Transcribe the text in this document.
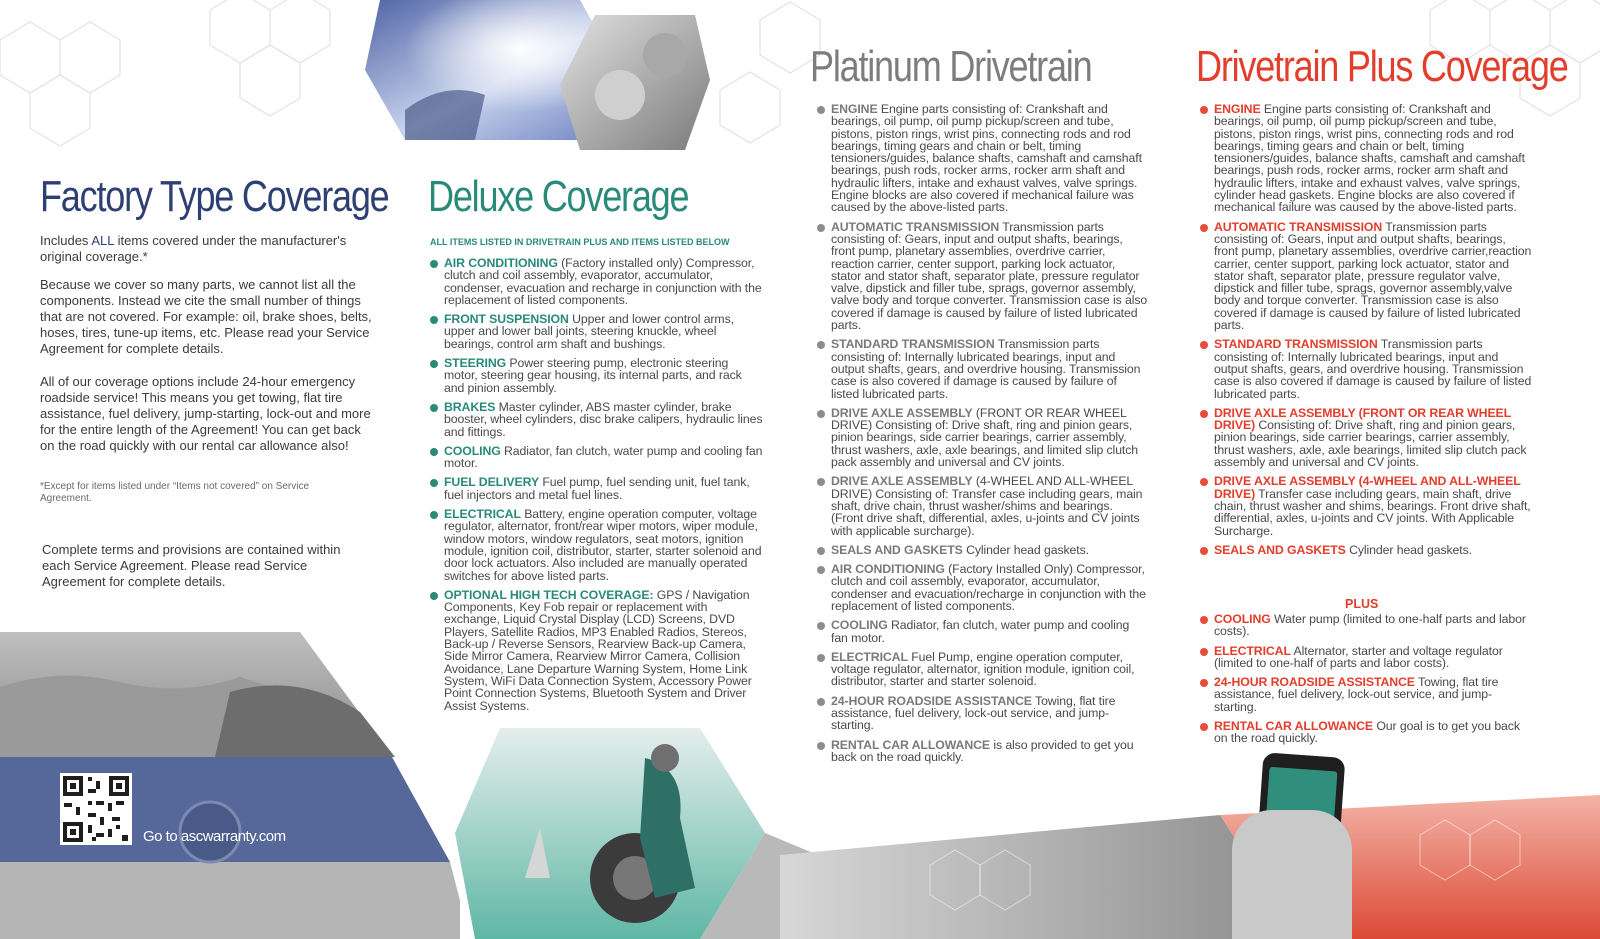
Factory Type Coverage
Includes ALL items covered under the manufacturer's original coverage.*
Because we cover so many parts, we cannot list all the components. Instead we cite the small number of things that are not covered. For example: oil, brake shoes, belts, hoses, tires, tune-up items, etc. Please read your Service Agreement for complete details.
All of our coverage options include 24-hour emergency roadside service! This means you get towing, flat tire assistance, fuel delivery, jump-starting, lock-out and more for the entire length of the Agreement! You can get back on the road quickly with our rental car allowance also!
*Except for items listed under “Items not covered” on Service Agreement.
Complete terms and provisions are contained within each Service Agreement. Please read Service Agreement for complete details.
Go to ascwarranty.com
Deluxe Coverage
ALL ITEMS LISTED IN DRIVETRAIN PLUS AND ITEMS LISTED BELOW
AIR CONDITIONING (Factory installed only) Compressor, clutch and coil assembly, evaporator, accumulator, condenser, evacuation and recharge in conjunction with the replacement of listed components.
FRONT SUSPENSION Upper and lower control arms, upper and lower ball joints, steering knuckle, wheel bearings, control arm shaft and bushings.
STEERING Power steering pump, electronic steering motor, steering gear housing, its internal parts, and rack and pinion assembly.
BRAKES Master cylinder, ABS master cylinder, brake booster, wheel cylinders, disc brake calipers, hydraulic lines and fittings.
COOLING Radiator, fan clutch, water pump and cooling fan motor.
FUEL DELIVERY Fuel pump, fuel sending unit, fuel tank, fuel injectors and metal fuel lines.
ELECTRICAL Battery, engine operation computer, voltage regulator, alternator, front/rear wiper motors, wiper module, window motors, window regulators, seat motors, ignition module, ignition coil, distributor, starter, starter solenoid and door lock actuators. Also included are manually operated switches for above listed parts.
OPTIONAL HIGH TECH COVERAGE: GPS / Navigation Components, Key Fob repair or replacement with exchange, Liquid Crystal Display (LCD) Screens, DVD Players, Satellite Radios, MP3 Enabled Radios, Stereos, Back-up / Reverse Sensors, Rearview Back-up Camera, Side Mirror Camera, Rearview Mirror Camera, Collision Avoidance, Lane Departure Warning System, Home Link System, WiFi Data Connection System, Accessory Power Point Connection Systems, Bluetooth System and Driver Assist Systems.
Platinum Drivetrain
ENGINE Engine parts consisting of: Crankshaft and bearings, oil pump, oil pump pickup/screen and tube, pistons, piston rings, wrist pins, connecting rods and rod bearings, timing gears and chain or belt, timing tensioners/guides, balance shafts, camshaft and camshaft bearings, push rods, rocker arms, rocker arm shaft and hydraulic lifters, intake and exhaust valves, valve springs. Engine blocks are also covered if mechanical failure was caused by the above-listed parts.
AUTOMATIC TRANSMISSION Transmission parts consisting of: Gears, input and output shafts, bearings, front pump, planetary assemblies, overdrive carrier, reaction carrier, center support, parking lock actuator, stator and stator shaft, separator plate, pressure regulator valve, dipstick and filler tube, sprags, governor assembly, valve body and torque converter. Transmission case is also covered if damage is caused by failure of listed lubricated parts.
STANDARD TRANSMISSION Transmission parts consisting of: Internally lubricated bearings, input and output shafts, gears, and overdrive housing. Transmission case is also covered if damage is caused by failure of listed lubricated parts.
DRIVE AXLE ASSEMBLY (FRONT OR REAR WHEEL DRIVE) Consisting of: Drive shaft, ring and pinion gears, pinion bearings, side carrier bearings, carrier assembly, thrust washers, axle, axle bearings, and limited slip clutch pack assembly and universal and CV joints.
DRIVE AXLE ASSEMBLY (4-WHEEL AND ALL-WHEEL DRIVE) Consisting of: Transfer case including gears, main shaft, drive chain, thrust washer/shims and bearings. (Front drive shaft, differential, axles, u-joints and CV joints with applicable surcharge).
SEALS AND GASKETS Cylinder head gaskets.
AIR CONDITIONING (Factory Installed Only) Compressor, clutch and coil assembly, evaporator, accumulator, condenser and evacuation/recharge in conjunction with the replacement of listed components.
COOLING Radiator, fan clutch, water pump and cooling fan motor.
ELECTRICAL Fuel Pump, engine operation computer, voltage regulator, alternator, ignition module, ignition coil, distributor, starter and starter solenoid.
24-HOUR ROADSIDE ASSISTANCE Towing, flat tire assistance, fuel delivery, lock-out service, and jump-starting.
RENTAL CAR ALLOWANCE is also provided to get you back on the road quickly.
Drivetrain Plus Coverage
ENGINE Engine parts consisting of: Crankshaft and bearings, oil pump, oil pump pickup/screen and tube, pistons, piston rings, wrist pins, connecting rods and rod bearings, timing gears and chain or belt, timing tensioners/guides, balance shafts, camshaft and camshaft bearings, push rods, rocker arms, rocker arm shaft and hydraulic lifters, intake and exhaust valves, valve springs, cylinder head gaskets. Engine blocks are also covered if mechanical failure was caused by the above-listed parts.
AUTOMATIC TRANSMISSION Transmission parts consisting of: Gears, input and output shafts, bearings, front pump, planetary assemblies, overdrive carrier,reaction carrier, center support, parking lock actuator, stator and stator shaft, separator plate, pressure regulator valve, dipstick and filler tube, sprags, governor assembly,valve body and torque converter. Transmission case is also covered if damage is caused by failure of listed lubricated parts.
STANDARD TRANSMISSION Transmission parts consisting of: Internally lubricated bearings, input and output shafts, gears, and overdrive housing. Transmission case is also covered if damage is caused by failure of listed lubricated parts.
DRIVE AXLE ASSEMBLY (FRONT OR REAR WHEEL DRIVE) Consisting of: Drive shaft, ring and pinion gears, pinion bearings, side carrier bearings, carrier assembly, thrust washers, axle, axle bearings, limited slip clutch pack assembly and universal and CV joints.
DRIVE AXLE ASSEMBLY (4-WHEEL AND ALL-WHEEL DRIVE) Transfer case including gears, main shaft, drive chain, thrust washer and shims, bearings. Front drive shaft, differential, axles, u-joints and CV joints. With Applicable Surcharge.
SEALS AND GASKETS Cylinder head gaskets.
PLUS
COOLING Water pump (limited to one-half parts and labor costs).
ELECTRICAL Alternator, starter and voltage regulator (limited to one-half of parts and labor costs).
24-HOUR ROADSIDE ASSISTANCE Towing, flat tire assistance, fuel delivery, lock-out service, and jump-starting.
RENTAL CAR ALLOWANCE Our goal is to get you back on the road quickly.
